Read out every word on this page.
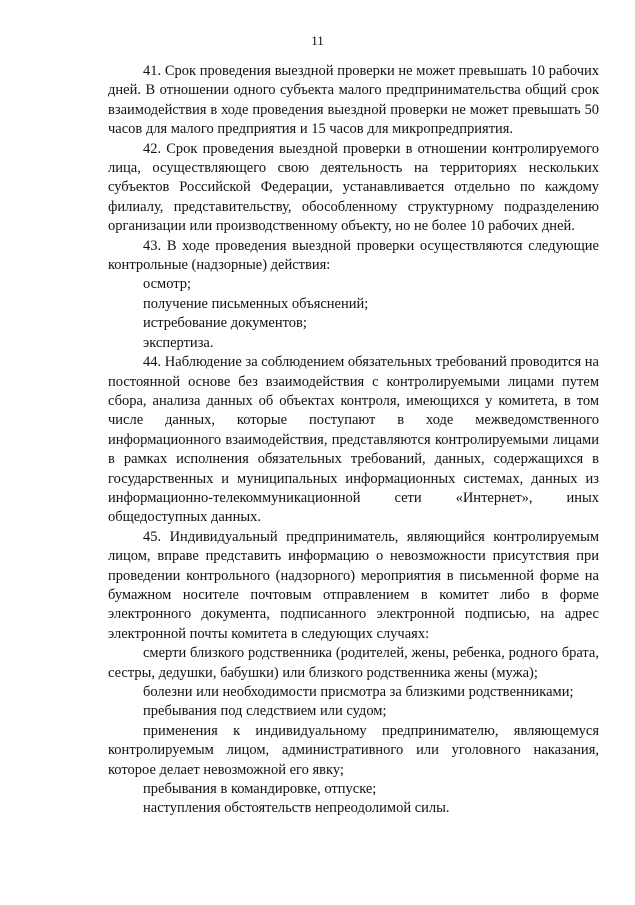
11

41. Срок проведения выездной проверки не может превышать 10 рабочих дней. В отношении одного субъекта малого предпринимательства общий срок взаимодействия в ходе проведения выездной проверки не может превышать 50 часов для малого предприятия и 15 часов для микропредприятия.

42. Срок проведения выездной проверки в отношении контролируемого лица, осуществляющего свою деятельность на территориях нескольких субъектов Российской Федерации, устанавливается отдельно по каждому филиалу, представительству, обособленному структурному подразделению организации или производственному объекту, но не более 10 рабочих дней.

43. В ходе проведения выездной проверки осуществляются следующие контрольные (надзорные) действия:

осмотр;

получение письменных объяснений;

истребование документов;

экспертиза.

44. Наблюдение за соблюдением обязательных требований проводится на постоянной основе без взаимодействия с контролируемыми лицами путем сбора, анализа данных об объектах контроля, имеющихся у комитета, в том числе данных, которые поступают в ходе межведомственного информационного взаимодействия, представляются контролируемыми лицами в рамках исполнения обязательных требований, данных, содержащихся в государственных и муниципальных информационных системах, данных из информационно-телекоммуникационной сети «Интернет», иных общедоступных данных.

45. Индивидуальный предприниматель, являющийся контролируемым лицом, вправе представить информацию о невозможности присутствия при проведении контрольного (надзорного) мероприятия в письменной форме на бумажном носителе почтовым отправлением в комитет либо в форме электронного документа, подписанного электронной подписью, на адрес электронной почты комитета в следующих случаях:

смерти близкого родственника (родителей, жены, ребенка, родного брата, сестры, дедушки, бабушки) или близкого родственника жены (мужа);

болезни или необходимости присмотра за близкими родственниками;

пребывания под следствием или судом;

применения к индивидуальному предпринимателю, являющемуся контролируемым лицом, административного или уголовного наказания, которое делает невозможной его явку;

пребывания в командировке, отпуске;

наступления обстоятельств непреодолимой силы.
